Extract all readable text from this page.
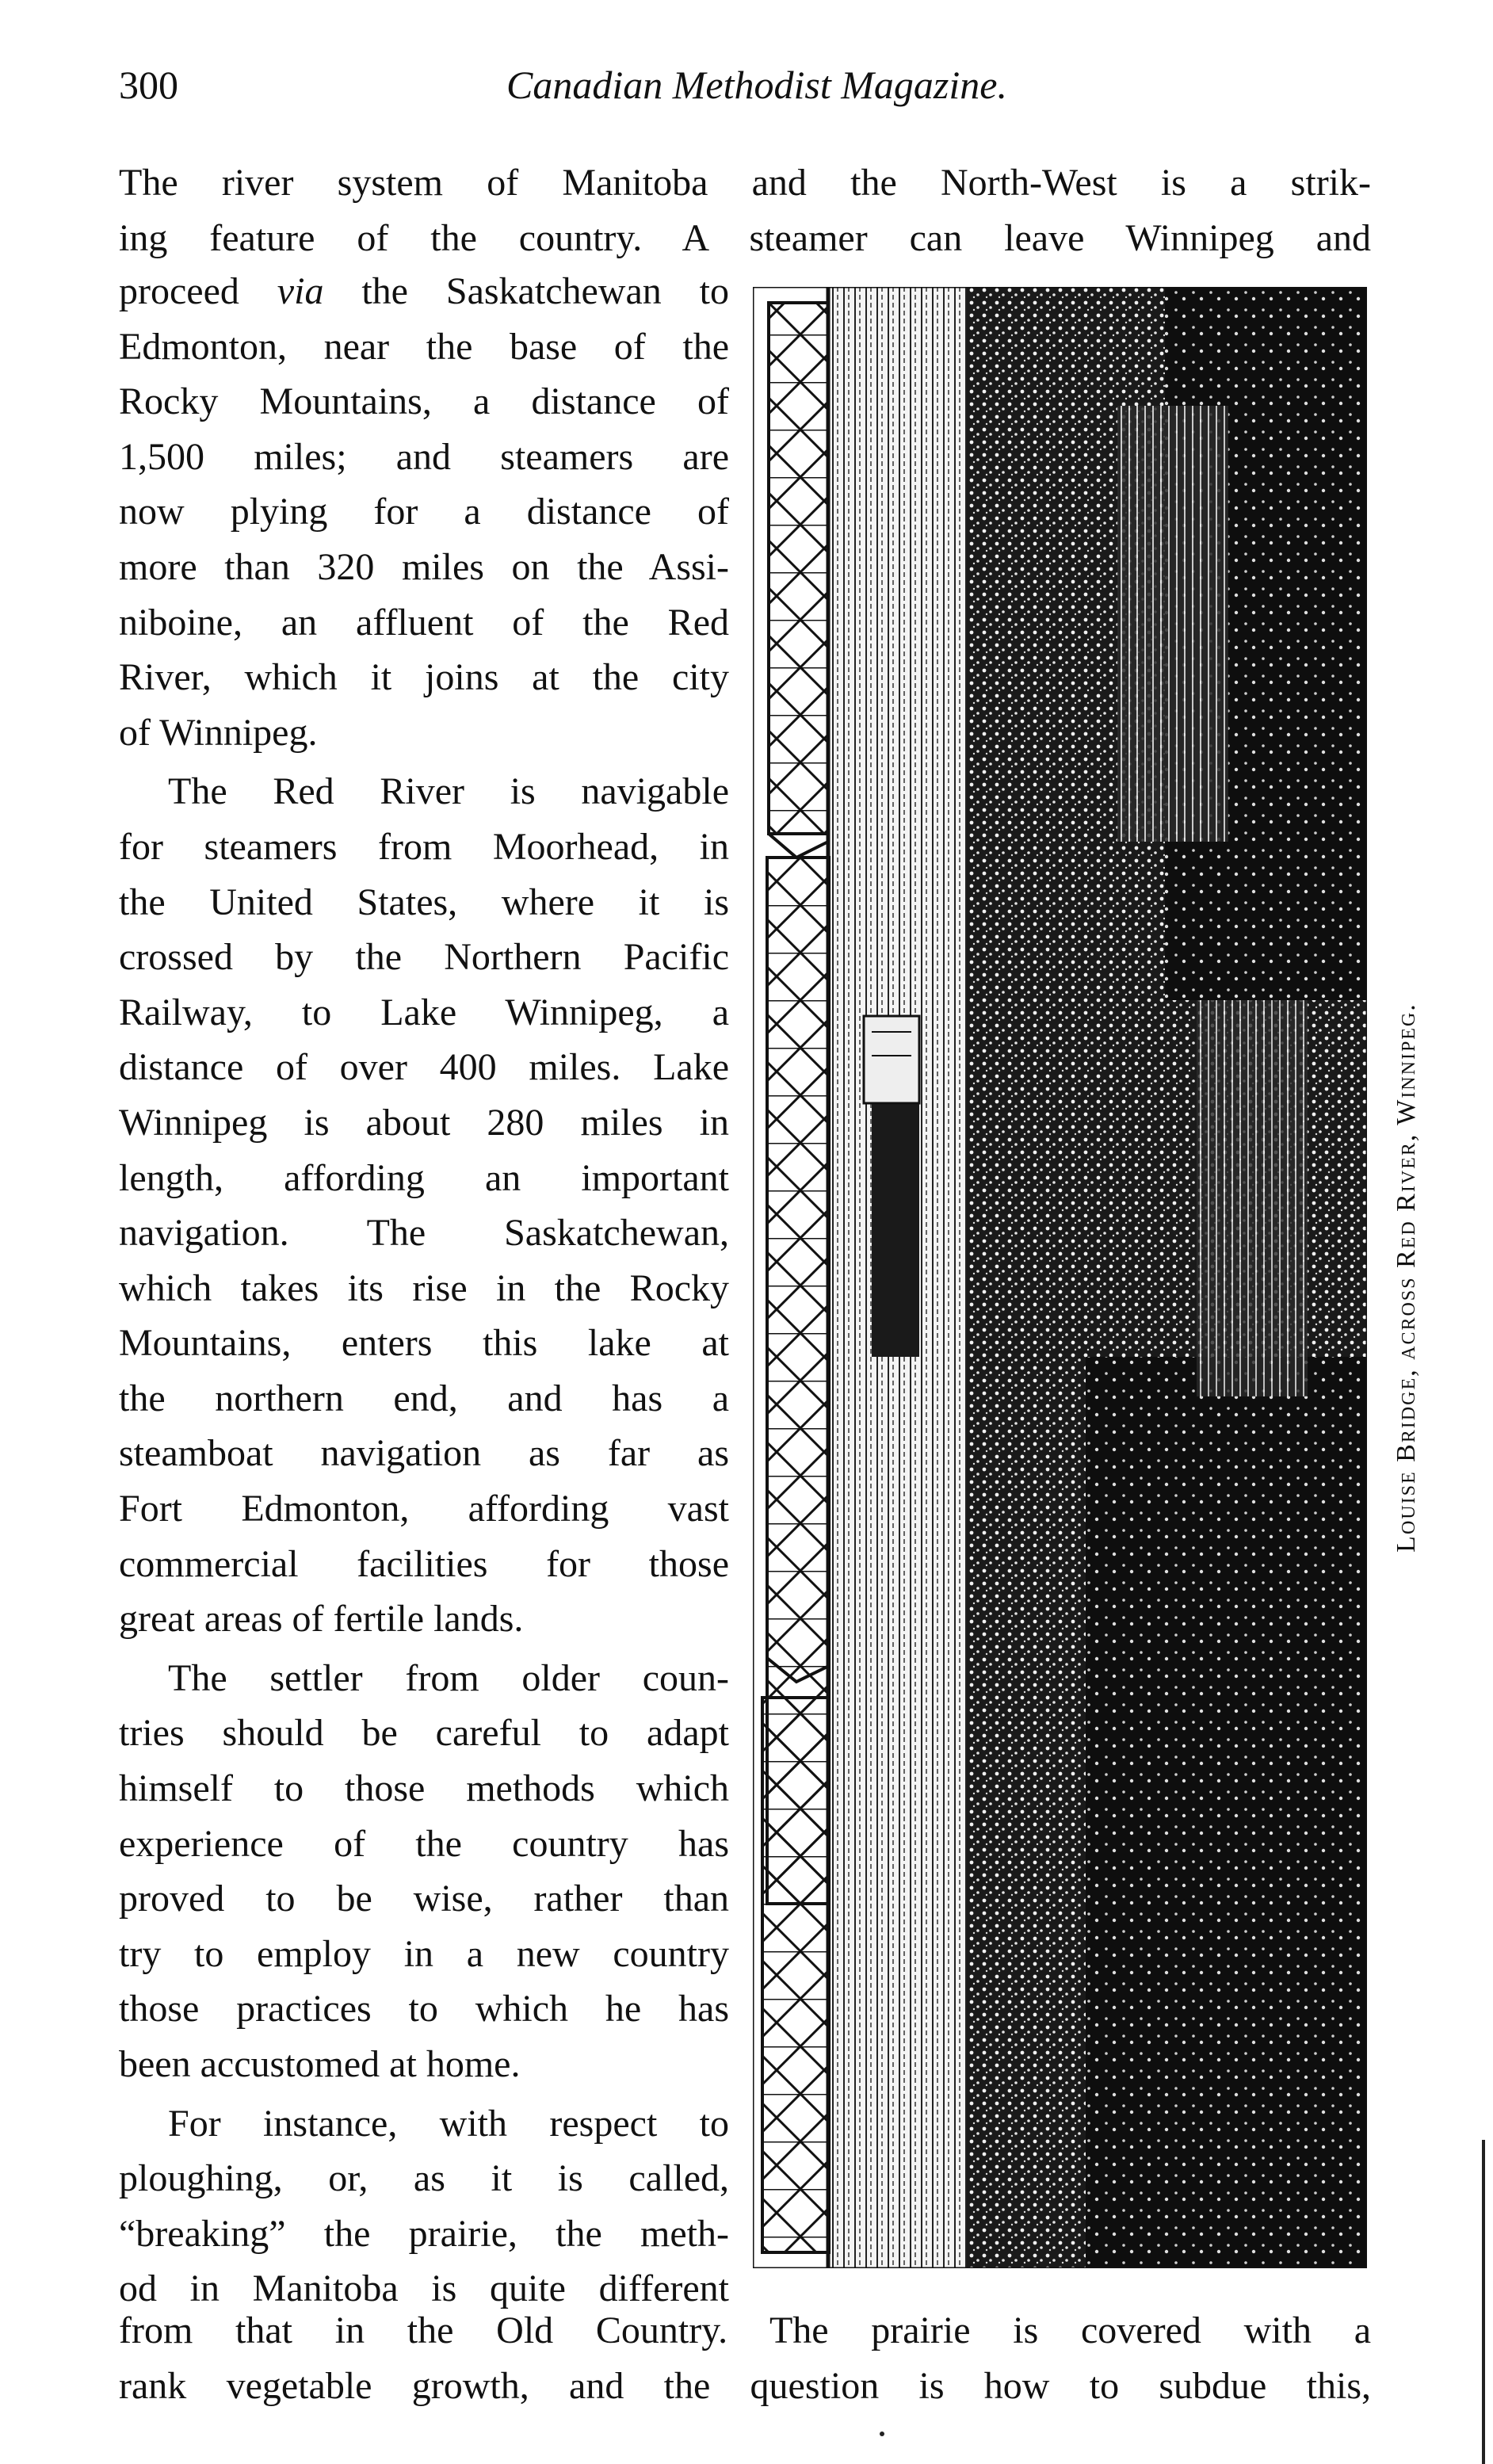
300	Canadian Methodist Magazine.
The river system of Manitoba and the North-West is a strik-
ing feature of the country. A steamer can leave Winnipeg and

proceed via the Saskatchewan to
Edmonton, near the base of the
Rocky Mountains, a distance of
1,500 miles; and steamers are
now plying for a distance of
more than 320 miles on the Assi-
niboine, an affluent of the Red
River, which it joins at the city
of Winnipeg.

The Red River is navigable
for steamers from Moorhead, in
the United States, where it is
crossed by the Northern Pacific
Railway, to Lake Winnipeg, a
distance of over 400 miles. Lake
Winnipeg is about 280 miles in
length, affording an important
navigation. The Saskatchewan,
which takes its rise in the Rocky
Mountains, enters this lake at
the northern end, and has a
steamboat navigation as far as
Fort Edmonton, affording vast
commercial facilities for those
great areas of fertile lands.

The settler from older coun-
tries should be careful to adapt
himself to those methods which
experience of the country has
proved to be wise, rather than
try to employ in a new country
those practices to which he has
been accustomed at home.

For instance, with respect to
ploughing, or, as it is called,
“breaking” the prairie, the meth-
od in Manitoba is quite different

from that in the Old Country. The prairie is covered with a
rank vegetable growth, and the question is how to subdue this,
Louise Bridge, across Red River, Winnipeg.
